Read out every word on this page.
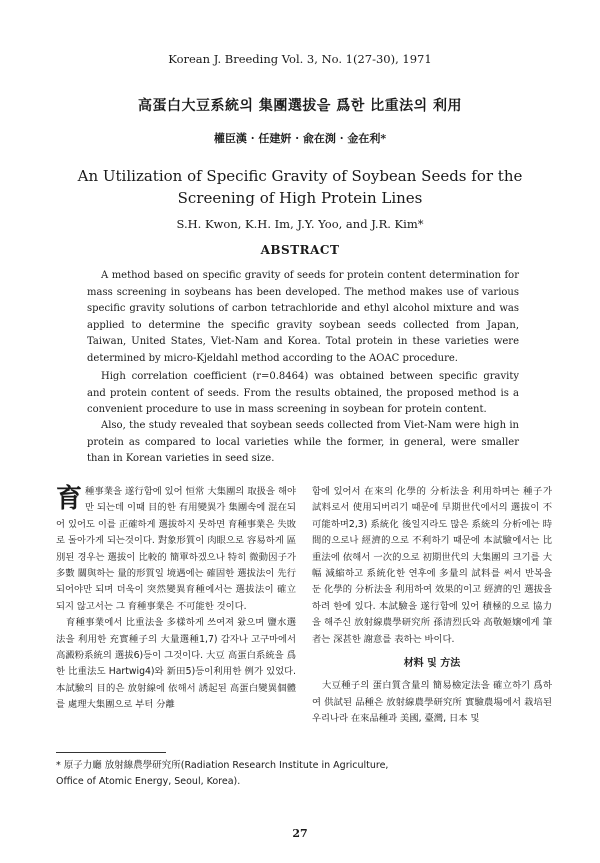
Korean J. Breeding Vol. 3, No. 1(27-30), 1971
高蛋白大豆系統의 集團選拔을 爲한 比重法의 利用
權臣漢 · 任建姸 · 兪在渕 · 金在利*
An Utilization of Specific Gravity of Soybean Seeds for the
Screening of High Protein Lines
S.H. Kwon, K.H. Im, J.Y. Yoo, and J.R. Kim*
ABSTRACT

A method based on specific gravity of seeds for protein content determination for mass screening in soybeans has been developed. The method makes use of various specific gravity solutions of carbon tetrachloride and ethyl alcohol mixture and was applied to determine the specific gravity soybean seeds collected from Japan, Taiwan, United States, Viet-Nam and Korea. Total protein in these varieties were determined by micro-Kjeldahl method according to the AOAC procedure.

High correlation coefficient (r=0.8464) was obtained between specific gravity and protein content of seeds. From the results obtained, the proposed method is a convenient procedure to use in mass screening in soybean for protein content.

Also, the study revealed that soybean seeds collected from Viet-Nam were high in protein as compared to local varieties while the former, in general, were smaller than in Korean varieties in seed size.

育種事業을 遂行함에 있어 恒常 大集團의 取扱을 해야만 되는데 이때 目的한 有用變異가 集團속에 混在되어 있어도 이를 正確하게 選拔하지 못하면 育種事業은 失敗로 돌아가게 되는것이다. 對象形質이 肉眼으로 容易하게 區別된 경우는 選拔이 比較的 簡單하겠으나 特히 微動因子가 多數 關與하는 量的形質일 境遇에는 確固한 選拔法이 先行되어야만 되며 더욱이 突然變異育種에서는 選拔法이 確立되지 않고서는 그 育種事業은 不可能한 것이다.

育種事業에서 比重法을 多樣하게 쓰여져 왔으며 鹽水選法을 利用한 充實種子의 大量選種1,7) 감자나 고구마에서 高澱粉系統의 選拔6)등이 그것이다. 大豆 高蛋白系統을 爲한 比重法도 Hartwig4)와 新田5)등이利用한 例가 있었다. 本試驗의 目的은 放射線에 依해서 誘起된 高蛋白變異個體를 處理大集團으로 부터 分離

함에 있어서 在來의 化學的 分析法을 利用하며는 種子가 試料로서 使用되버리기 때문에 早期世代에서의 選拔이 不可能하며2,3) 系統化 後일지라도 많은 系統의 分析에는 時間的으로나 經濟的으로 不利하기 때문에 本試驗에서는 比重法에 依해서 一次的으로 初期世代의 大集團의 크기를 大幅 減縮하고 系統化한 연후에 多量의 試料를 써서 반복을 둔 化學的 分析法을 利用하여 效果的이고 經濟的인 選拔을 하려 한에 있다. 本試驗을 遂行함에 있어 積極的으로 協力을 해주신 放射線農學研究所 孫清烈氏와 高敬姬嬢에게 筆者는 深甚한 謝意를 表하는 바이다.

材料 및 方法

大豆種子의 蛋白質含量의 簡易檢定法을 確立하기 爲하여 供試된 品種은 放射線農學研究所 實驗農場에서 栽培된 우리나라 在來品種과 美國, 臺灣, 日本 및

* 原子力廳 放射線農學研究所(Radiation Research Institute in Agriculture,
Office of Atomic Energy, Seoul, Korea).
27
